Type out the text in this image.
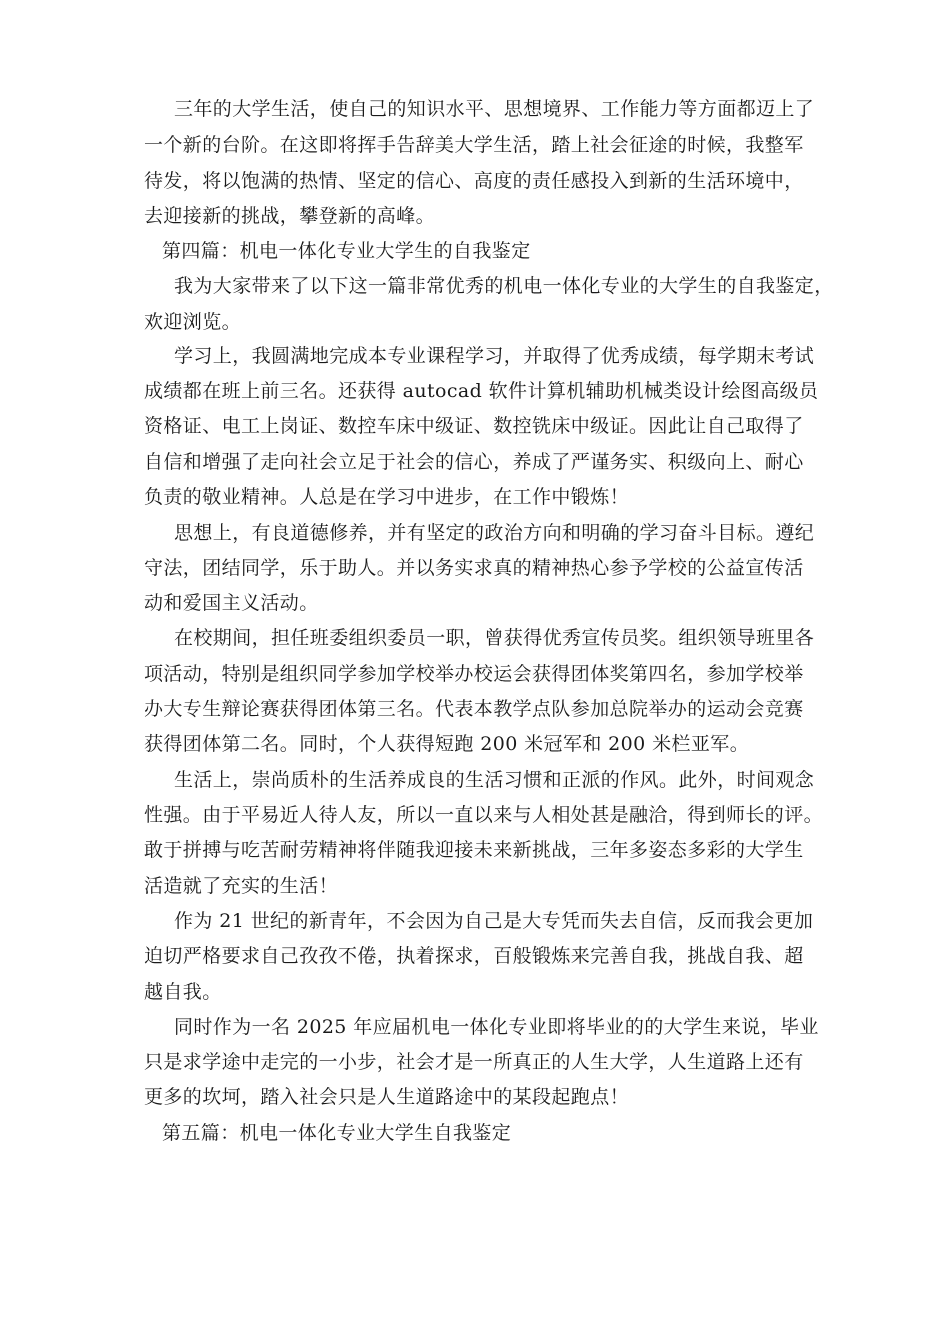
三年的大学生活，使自己的知识水平、思想境界、工作能力等方面都迈上了

一个新的台阶。在这即将挥手告辞美大学生活，踏上社会征途的时候，我整军

待发，将以饱满的热情、坚定的信心、高度的责任感投入到新的生活环境中，

去迎接新的挑战，攀登新的高峰。

第四篇：机电一体化专业大学生的自我鉴定

我为大家带来了以下这一篇非常优秀的机电一体化专业的大学生的自我鉴定，

欢迎浏览。

学习上，我圆满地完成本专业课程学习，并取得了优秀成绩，每学期末考试

成绩都在班上前三名。还获得 autocad 软件计算机辅助机械类设计绘图高级员

资格证、电工上岗证、数控车床中级证、数控铣床中级证。因此让自己取得了

自信和增强了走向社会立足于社会的信心，养成了严谨务实、积级向上、耐心

负责的敬业精神。人总是在学习中进步，在工作中锻炼！

思想上，有良道德修养，并有坚定的政治方向和明确的学习奋斗目标。遵纪

守法，团结同学，乐于助人。并以务实求真的精神热心参予学校的公益宣传活

动和爱国主义活动。

在校期间，担任班委组织委员一职，曾获得优秀宣传员奖。组织领导班里各

项活动，特别是组织同学参加学校举办校运会获得团体奖第四名，参加学校举

办大专生辩论赛获得团体第三名。代表本教学点队参加总院举办的运动会竞赛

获得团体第二名。同时，个人获得短跑 200 米冠军和 200 米栏亚军。

生活上，崇尚质朴的生活养成良的生活习惯和正派的作风。此外，时间观念

性强。由于平易近人待人友，所以一直以来与人相处甚是融洽，得到师长的评。

敢于拼搏与吃苦耐劳精神将伴随我迎接未来新挑战，三年多姿态多彩的大学生

活造就了充实的生活！

作为 21 世纪的新青年，不会因为自己是大专凭而失去自信，反而我会更加

迫切严格要求自己孜孜不倦，执着探求，百般锻炼来完善自我，挑战自我、超

越自我。

同时作为一名 2025 年应届机电一体化专业即将毕业的的大学生来说，毕业

只是求学途中走完的一小步，社会才是一所真正的人生大学，人生道路上还有

更多的坎坷，踏入社会只是人生道路途中的某段起跑点！

第五篇：机电一体化专业大学生自我鉴定
